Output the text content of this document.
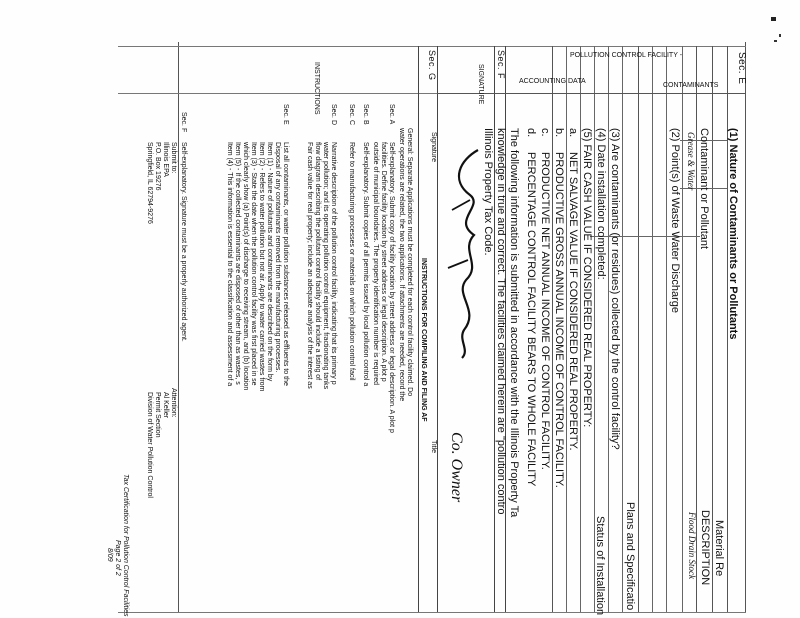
Sec. E
Sec. F
Sec. G
INSTRUCTIONS	SIGNATURE
POLLUTION CONTROL FACILITY -
ACCOUNTING DATA
CONTAMINANTS
(1) Nature of Contaminants or Pollutants
Contaminant or Pollutant
Material Re
DESCRIPTION
Grease & Water
Flood Drain Stock
(2) Point(s) of Waste Water Discharge
(3) Are contaminants (or residues) collected by the control facility?
Plans and Specificatio
(4) Date installation completed:
Status of Installation
(5) FAIR CASH VALUE IF CONSIDERED REAL PROPERTY:
a.
NET SALVAGE VALUE IF CONSIDERED REAL PROPERTY.
b.
PRODUCTIVE GROSS ANNUAL INCOME OF CONTROL FACILITY.
c.
PRODUCTIVE NET ANNUAL INCOME OF CONTROL FACILITY.
d.
PERCENTAGE CONTROL FACILITY BEARS TO WHOLE FACILITY
The following information is submitted in accordance with the Illinois Property Ta
knowledge in true and correct. The facilities claimed herein are "pollution contro
Illinois Property Tax Code.
Signature
Title Co. Owner
INSTRUCTIONS FOR COMPILING AND FILING AF
General: Separate Applications must be completed for each control facility claimed. Do
water operations are related, the two applications. If attachments are needed, record the
Sec. A
Self-explanatory. Submit copy of facility location by street address or legal description. A plot p
facilities. Define facility location by street address or legal description. A plot p
outside of municipal boundaries. The property identification number is required
Sec. B
Self-explanatory. Submit copies of all permits issued by local pollution control a
Sec. C
Refer to manufacturing processes or materials on which pollution control facil
Sec. D
Narrative description of the pollution control facility, indicating that its primary p
water pollution; and its operating pollution control equipment, fractionating tanks
flow diagram describing the pollutant control facility should include a listing of
Fair cash value for real property; include an adequate analysis of the interest as
Sec. E
List all contaminants, or water pollution substances released as effluents to the
Disposal of any contaminants removed from the manufacturing processes.
Item (1) - Nature of pollutants and contaminants are described on the form by
Item (2) - Refers to water pollution but not air. Apply to water carried wastes from
Item (3) - State the date when the pollution control facility was first placed in se
which clearly show (a) Point(s) of discharge to receiving stream, and (b) location
Item (5) - If the collected contaminants are disposed of other than as wastes, s
Item (4) - This information is essential to the classification and assessment of a
Sec. F
Self-explanatory. Signature must be a properly authorized agent.
Submit to:
Illinois EPA
P.O. Box 19276
Springfield, IL 62794-9276
Attention:
Al Keller
Permit Section
Division of Water Pollution Control
Tax Certification for Pollution Control Facilities
Page 2 of 2
8/09
